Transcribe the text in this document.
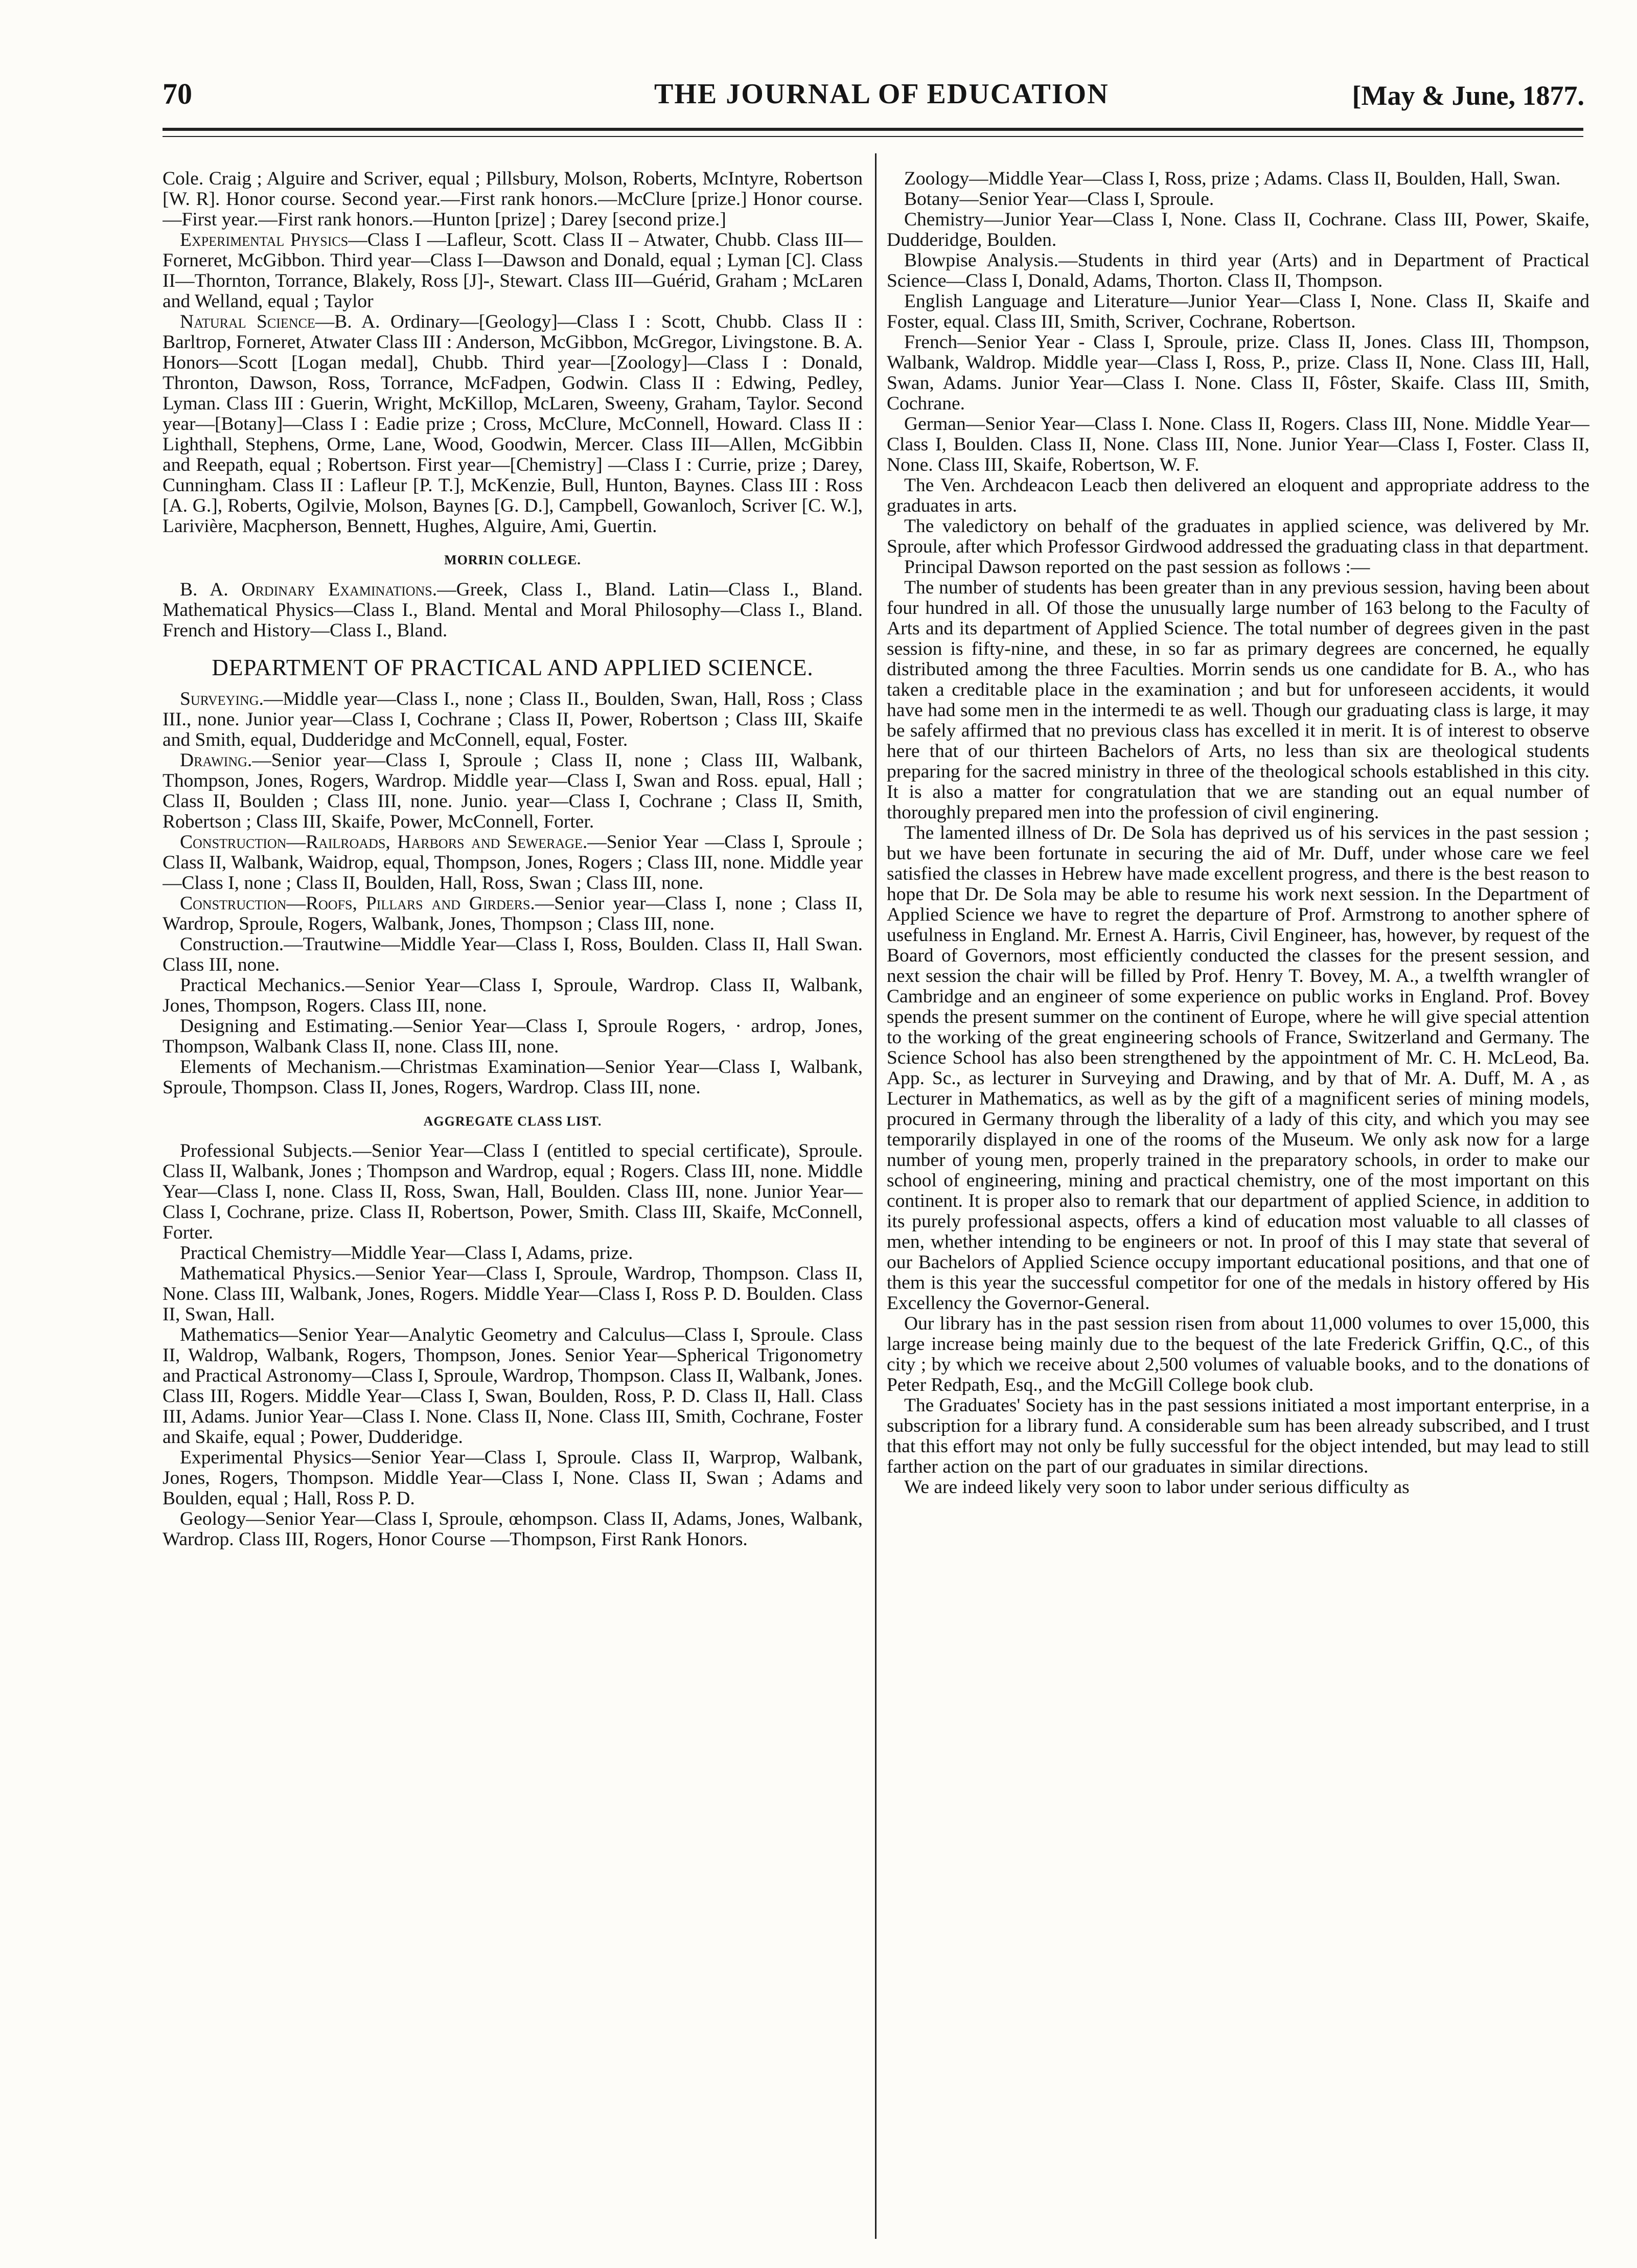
70	THE JOURNAL OF EDUCATION	[May & June, 1877.

Cole. Craig ; Alguire and Scriver, equal ; Pillsbury, Molson, Roberts, McIntyre, Robertson [W. R]. Honor course. Second year.—First rank honors.—McClure [prize.] Honor course.—First year.—First rank honors.—Hunton [prize] ; Darey [second prize.]

Experimental Physics—Class I —Lafleur, Scott. Class II – Atwater, Chubb. Class III—Forneret, McGibbon. Third year—Class I—Dawson and Donald, equal ; Lyman [C]. Class II—Thornton, Torrance, Blakely, Ross [J]-, Stewart. Class III—Guérid, Graham ; McLaren and Welland, equal ; Taylor

Natural Science—B. A. Ordinary—[Geology]—Class I : Scott, Chubb. Class II : Barltrop, Forneret, Atwater Class III : Anderson, McGibbon, McGregor, Livingstone. B. A. Honors—Scott [Logan medal], Chubb. Third year—[Zoology]—Class I : Donald, Thronton, Dawson, Ross, Torrance, McFadpen, Godwin. Class II : Edwing, Pedley, Lyman. Class III : Guerin, Wright, McKillop, McLaren, Sweeny, Graham, Taylor. Second year—[Botany]—Class I : Eadie prize ; Cross, McClure, McConnell, Howard. Class II : Lighthall, Stephens, Orme, Lane, Wood, Goodwin, Mercer. Class III—Allen, McGibbin and Reepath, equal ; Robertson. First year—[Chemistry] —Class I : Currie, prize ; Darey, Cunningham. Class II : Lafleur [P. T.], McKenzie, Bull, Hunton, Baynes. Class III : Ross [A. G.], Roberts, Ogilvie, Molson, Baynes [G. D.], Campbell, Gowanloch, Scriver [C. W.], Larivière, Macpherson, Bennett, Hughes, Alguire, Ami, Guertin.

MORRIN COLLEGE.

B. A. Ordinary Examinations.—Greek, Class I., Bland. Latin—Class I., Bland. Mathematical Physics—Class I., Bland. Mental and Moral Philosophy—Class I., Bland. French and History—Class I., Bland.

DEPARTMENT OF PRACTICAL AND APPLIED SCIENCE.

Surveying.—Middle year—Class I., none ; Class II., Boulden, Swan, Hall, Ross ; Class III., none. Junior year—Class I, Cochrane ; Class II, Power, Robertson ; Class III, Skaife and Smith, equal, Dudderidge and McConnell, equal, Foster.

Drawing.—Senior year—Class I, Sproule ; Class II, none ; Class III, Walbank, Thompson, Jones, Rogers, Wardrop. Middle year—Class I, Swan and Ross. epual, Hall ; Class II, Boulden ; Class III, none. Junio. year—Class I, Cochrane ; Class II, Smith, Robertson ; Class III, Skaife, Power, McConnell, Forter.

Construction—Railroads, Harbors and Sewerage.—Senior Year —Class I, Sproule ; Class II, Walbank, Waidrop, equal, Thompson, Jones, Rogers ; Class III, none. Middle year—Class I, none ; Class II, Boulden, Hall, Ross, Swan ; Class III, none.

Construction—Roofs, Pillars and Girders.—Senior year—Class I, none ; Class II, Wardrop, Sproule, Rogers, Walbank, Jones, Thompson ; Class III, none.

Construction.—Trautwine—Middle Year—Class I, Ross, Boulden. Class II, Hall Swan. Class III, none.

Practical Mechanics.—Senior Year—Class I, Sproule, Wardrop. Class II, Walbank, Jones, Thompson, Rogers. Class III, none.

Designing and Estimating.—Senior Year—Class I, Sproule Rogers, · ardrop, Jones, Thompson, Walbank Class II, none. Class III, none.

Elements of Mechanism.—Christmas Examination—Senior Year—Class I, Walbank, Sproule, Thompson. Class II, Jones, Rogers, Wardrop. Class III, none.

AGGREGATE CLASS LIST.

Professional Subjects.—Senior Year—Class I (entitled to special certificate), Sproule. Class II, Walbank, Jones ; Thompson and Wardrop, equal ; Rogers. Class III, none. Middle Year—Class I, none. Class II, Ross, Swan, Hall, Boulden. Class III, none. Junior Year—Class I, Cochrane, prize. Class II, Robertson, Power, Smith. Class III, Skaife, McConnell, Forter.

Practical Chemistry—Middle Year—Class I, Adams, prize.

Mathematical Physics.—Senior Year—Class I, Sproule, Wardrop, Thompson. Class II, None. Class III, Walbank, Jones, Rogers. Middle Year—Class I, Ross P. D. Boulden. Class II, Swan, Hall.

Mathematics—Senior Year—Analytic Geometry and Calculus—Class I, Sproule. Class II, Waldrop, Walbank, Rogers, Thompson, Jones. Senior Year—Spherical Trigonometry and Practical Astronomy—Class I, Sproule, Wardrop, Thompson. Class II, Walbank, Jones. Class III, Rogers. Middle Year—Class I, Swan, Boulden, Ross, P. D. Class II, Hall. Class III, Adams. Junior Year—Class I. None. Class II, None. Class III, Smith, Cochrane, Foster and Skaife, equal ; Power, Dudderidge.

Experimental Physics—Senior Year—Class I, Sproule. Class II, Warprop, Walbank, Jones, Rogers, Thompson. Middle Year—Class I, None. Class II, Swan ; Adams and Boulden, equal ; Hall, Ross P. D.

Geology—Senior Year—Class I, Sproule, œhompson. Class II, Adams, Jones, Walbank, Wardrop. Class III, Rogers, Honor Course —Thompson, First Rank Honors.

Zoology—Middle Year—Class I, Ross, prize ; Adams. Class II, Boulden, Hall, Swan.

Botany—Senior Year—Class I, Sproule.

Chemistry—Junior Year—Class I, None. Class II, Cochrane. Class III, Power, Skaife, Dudderidge, Boulden.

Blowpise Analysis.—Students in third year (Arts) and in Department of Practical Science—Class I, Donald, Adams, Thorton. Class II, Thompson.

English Language and Literature—Junior Year—Class I, None. Class II, Skaife and Foster, equal. Class III, Smith, Scriver, Cochrane, Robertson.

French—Senior Year - Class I, Sproule, prize. Class II, Jones. Class III, Thompson, Walbank, Waldrop. Middle year—Class I, Ross, P., prize. Class II, None. Class III, Hall, Swan, Adams. Junior Year—Class I. None. Class II, Fôster, Skaife. Class III, Smith, Cochrane.

German—Senior Year—Class I. None. Class II, Rogers. Class III, None. Middle Year—Class I, Boulden. Class II, None. Class III, None. Junior Year—Class I, Foster. Class II, None. Class III, Skaife, Robertson, W. F.

The Ven. Archdeacon Leacb then delivered an eloquent and appropriate address to the graduates in arts.

The valedictory on behalf of the graduates in applied science, was delivered by Mr. Sproule, after which Professor Girdwood addressed the graduating class in that department.

Principal Dawson reported on the past session as follows :—

The number of students has been greater than in any previous session, having been about four hundred in all. Of those the unusually large number of 163 belong to the Faculty of Arts and its department of Applied Science. The total number of degrees given in the past session is fifty-nine, and these, in so far as primary degrees are concerned, he equally distributed among the three Faculties. Morrin sends us one candidate for B. A., who has taken a creditable place in the examination ; and but for unforeseen accidents, it would have had some men in the intermedi te as well. Though our graduating class is large, it may be safely affirmed that no previous class has excelled it in merit. It is of interest to observe here that of our thirteen Bachelors of Arts, no less than six are theological students preparing for the sacred ministry in three of the theological schools established in this city. It is also a matter for congratulation that we are standing out an equal number of thoroughly prepared men into the profession of civil enginering.

The lamented illness of Dr. De Sola has deprived us of his services in the past session ; but we have been fortunate in securing the aid of Mr. Duff, under whose care we feel satisfied the classes in Hebrew have made excellent progress, and there is the best reason to hope that Dr. De Sola may be able to resume his work next session. In the Department of Applied Science we have to regret the departure of Prof. Armstrong to another sphere of usefulness in England. Mr. Ernest A. Harris, Civil Engineer, has, however, by request of the Board of Governors, most efficiently conducted the classes for the present session, and next session the chair will be filled by Prof. Henry T. Bovey, M. A., a twelfth wrangler of Cambridge and an engineer of some experience on public works in England. Prof. Bovey spends the present summer on the continent of Europe, where he will give special attention to the working of the great engineering schools of France, Switzerland and Germany. The Science School has also been strengthened by the appointment of Mr. C. H. McLeod, Ba. App. Sc., as lecturer in Surveying and Drawing, and by that of Mr. A. Duff, M. A , as Lecturer in Mathematics, as well as by the gift of a magnificent series of mining models, procured in Germany through the liberality of a lady of this city, and which you may see temporarily displayed in one of the rooms of the Museum. We only ask now for a large number of young men, properly trained in the preparatory schools, in order to make our school of engineering, mining and practical chemistry, one of the most important on this continent. It is proper also to remark that our department of applied Science, in addition to its purely professional aspects, offers a kind of education most valuable to all classes of men, whether intending to be engineers or not. In proof of this I may state that several of our Bachelors of Applied Science occupy important educational positions, and that one of them is this year the successful competitor for one of the medals in history offered by His Excellency the Governor-General.

Our library has in the past session risen from about 11,000 volumes to over 15,000, this large increase being mainly due to the bequest of the late Frederick Griffin, Q.C., of this city ; by which we receive about 2,500 volumes of valuable books, and to the donations of Peter Redpath, Esq., and the McGill College book club.

The Graduates' Society has in the past sessions initiated a most important enterprise, in a subscription for a library fund. A considerable sum has been already subscribed, and I trust that this effort may not only be fully successful for the object intended, but may lead to still farther action on the part of our graduates in similar directions.

We are indeed likely very soon to labor under serious difficulty as
